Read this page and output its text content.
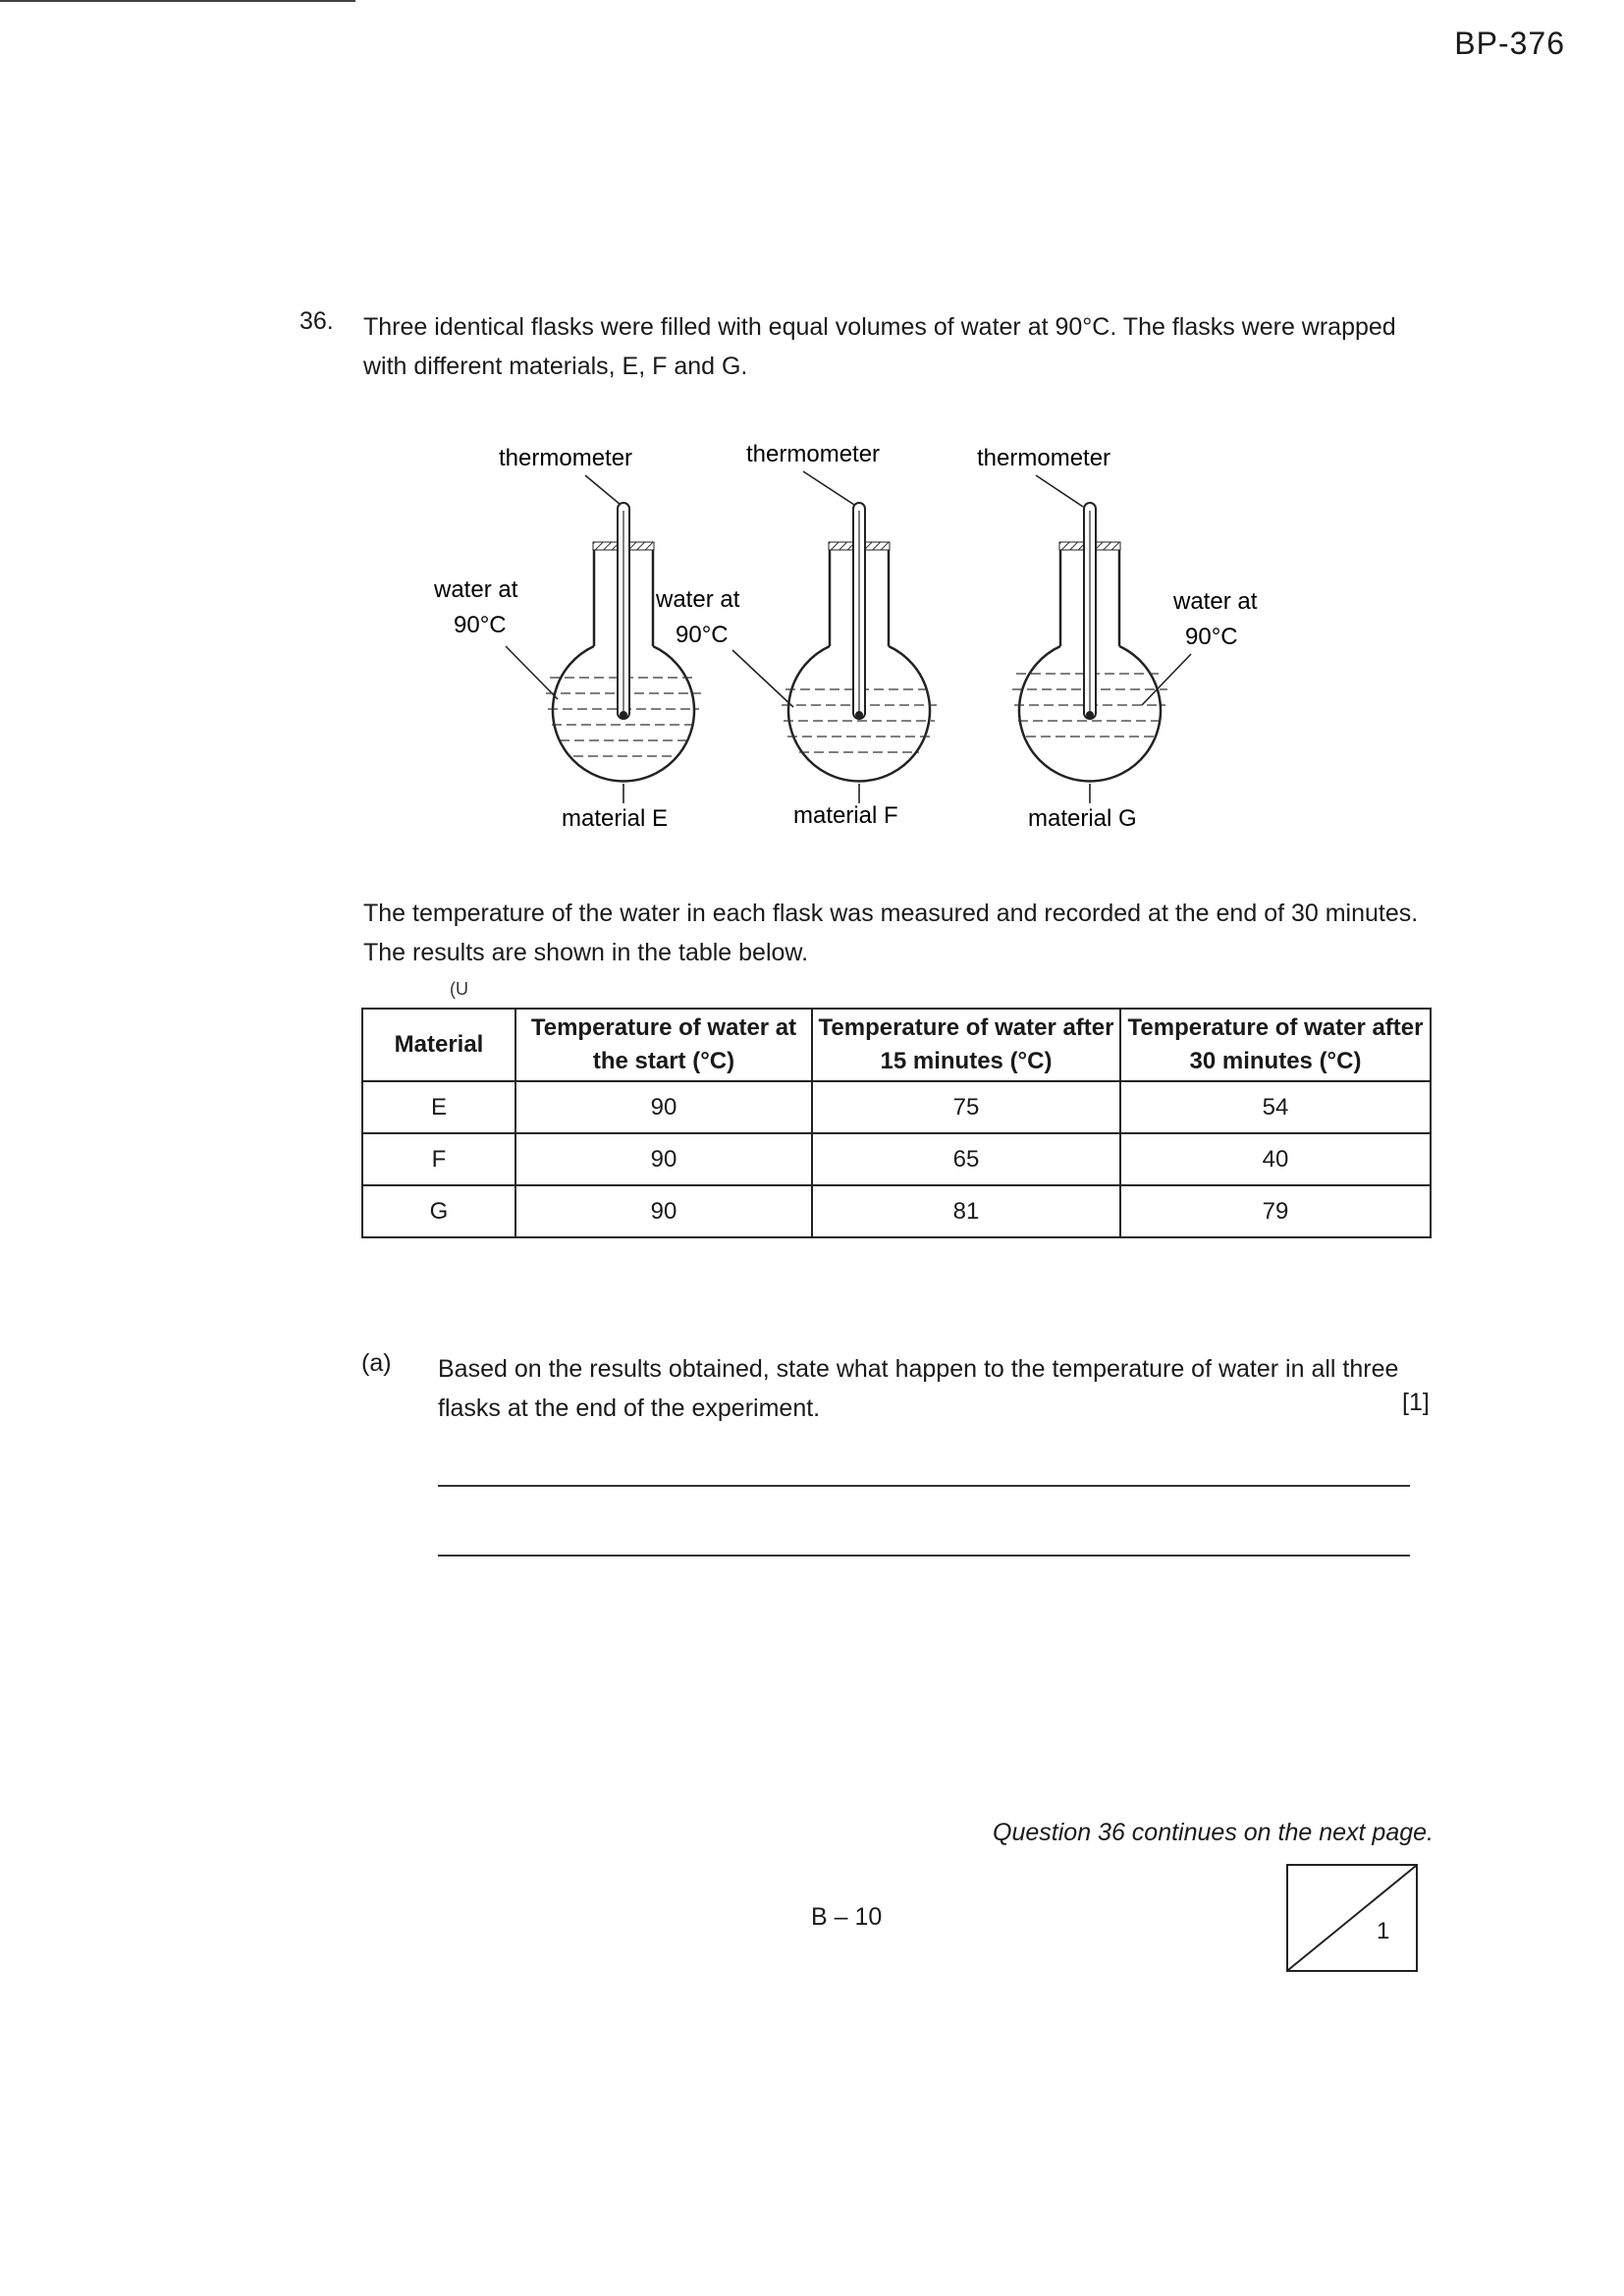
BP-376
36. Three identical flasks were filled with equal volumes of water at 90°C. The flasks were wrapped with different materials, E, F and G.
thermometer
water at
90°C
material E
thermometer
water at
90°C
material F
thermometer
water at
90°C
material G
The temperature of the water in each flask was measured and recorded at the end of 30 minutes. The results are shown in the table below.
(U
Material	Temperature of water at the start (°C)	Temperature of water after 15 minutes (°C)	Temperature of water after 30 minutes (°C)
E	90	75	54
F	90	65	40
G	90	81	79
(a) Based on the results obtained, state what happen to the temperature of water in all three flasks at the end of the experiment.	[1]
Question 36 continues on the next page.
B – 10
1
